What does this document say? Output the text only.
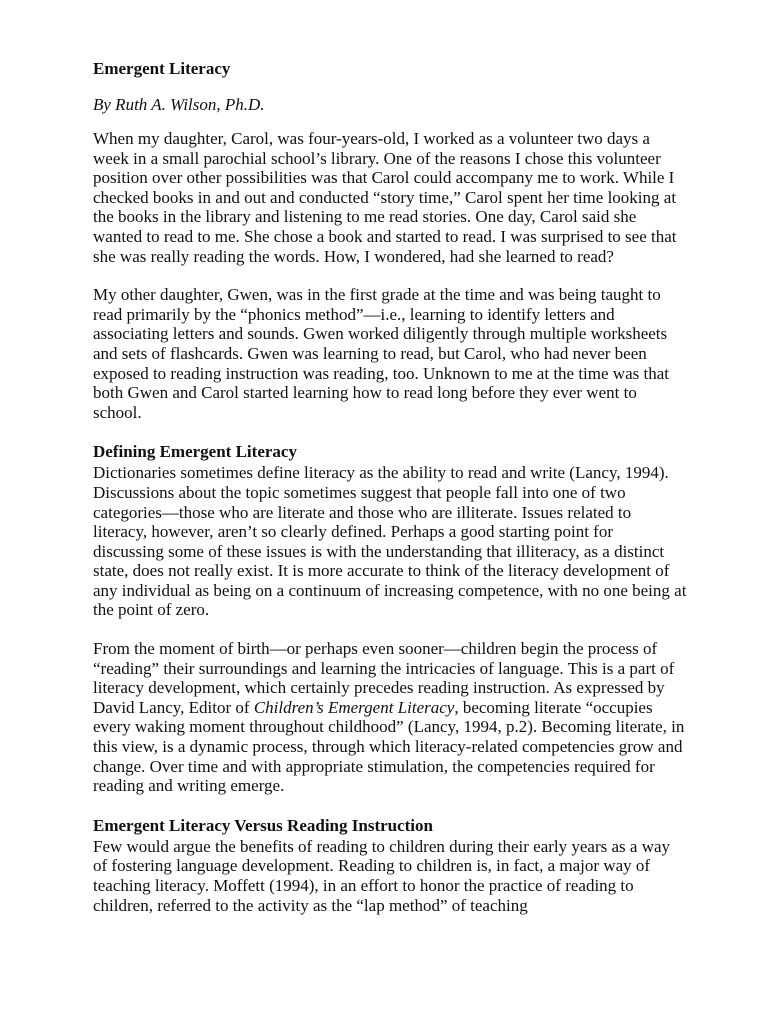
Emergent Literacy
By Ruth A. Wilson, Ph.D.

When my daughter, Carol, was four-years-old, I worked as a volunteer two days a week in a small parochial school’s library. One of the reasons I chose this volunteer position over other possibilities was that Carol could accompany me to work. While I checked books in and out and conducted “story time,” Carol spent her time looking at the books in the library and listening to me read stories. One day, Carol said she wanted to read to me. She chose a book and started to read. I was surprised to see that she was really reading the words. How, I wondered, had she learned to read?

My other daughter, Gwen, was in the first grade at the time and was being taught to read primarily by the “phonics method”—i.e., learning to identify letters and associating letters and sounds. Gwen worked diligently through multiple worksheets and sets of flashcards. Gwen was learning to read, but Carol, who had never been exposed to reading instruction was reading, too. Unknown to me at the time was that both Gwen and Carol started learning how to read long before they ever went to school.

Defining Emergent Literacy

Dictionaries sometimes define literacy as the ability to read and write (Lancy, 1994). Discussions about the topic sometimes suggest that people fall into one of two categories—those who are literate and those who are illiterate. Issues related to literacy, however, aren’t so clearly defined. Perhaps a good starting point for discussing some of these issues is with the understanding that illiteracy, as a distinct state, does not really exist. It is more accurate to think of the literacy development of any individual as being on a continuum of increasing competence, with no one being at the point of zero.

From the moment of birth—or perhaps even sooner—children begin the process of “reading” their surroundings and learning the intricacies of language. This is a part of literacy development, which certainly precedes reading instruction. As expressed by David Lancy, Editor of Children’s Emergent Literacy, becoming literate “occupies every waking moment throughout childhood” (Lancy, 1994, p.2). Becoming literate, in this view, is a dynamic process, through which literacy-related competencies grow and change. Over time and with appropriate stimulation, the competencies required for reading and writing emerge.

Emergent Literacy Versus Reading Instruction

Few would argue the benefits of reading to children during their early years as a way of fostering language development. Reading to children is, in fact, a major way of teaching literacy. Moffett (1994), in an effort to honor the practice of reading to children, referred to the activity as the “lap method” of teaching
